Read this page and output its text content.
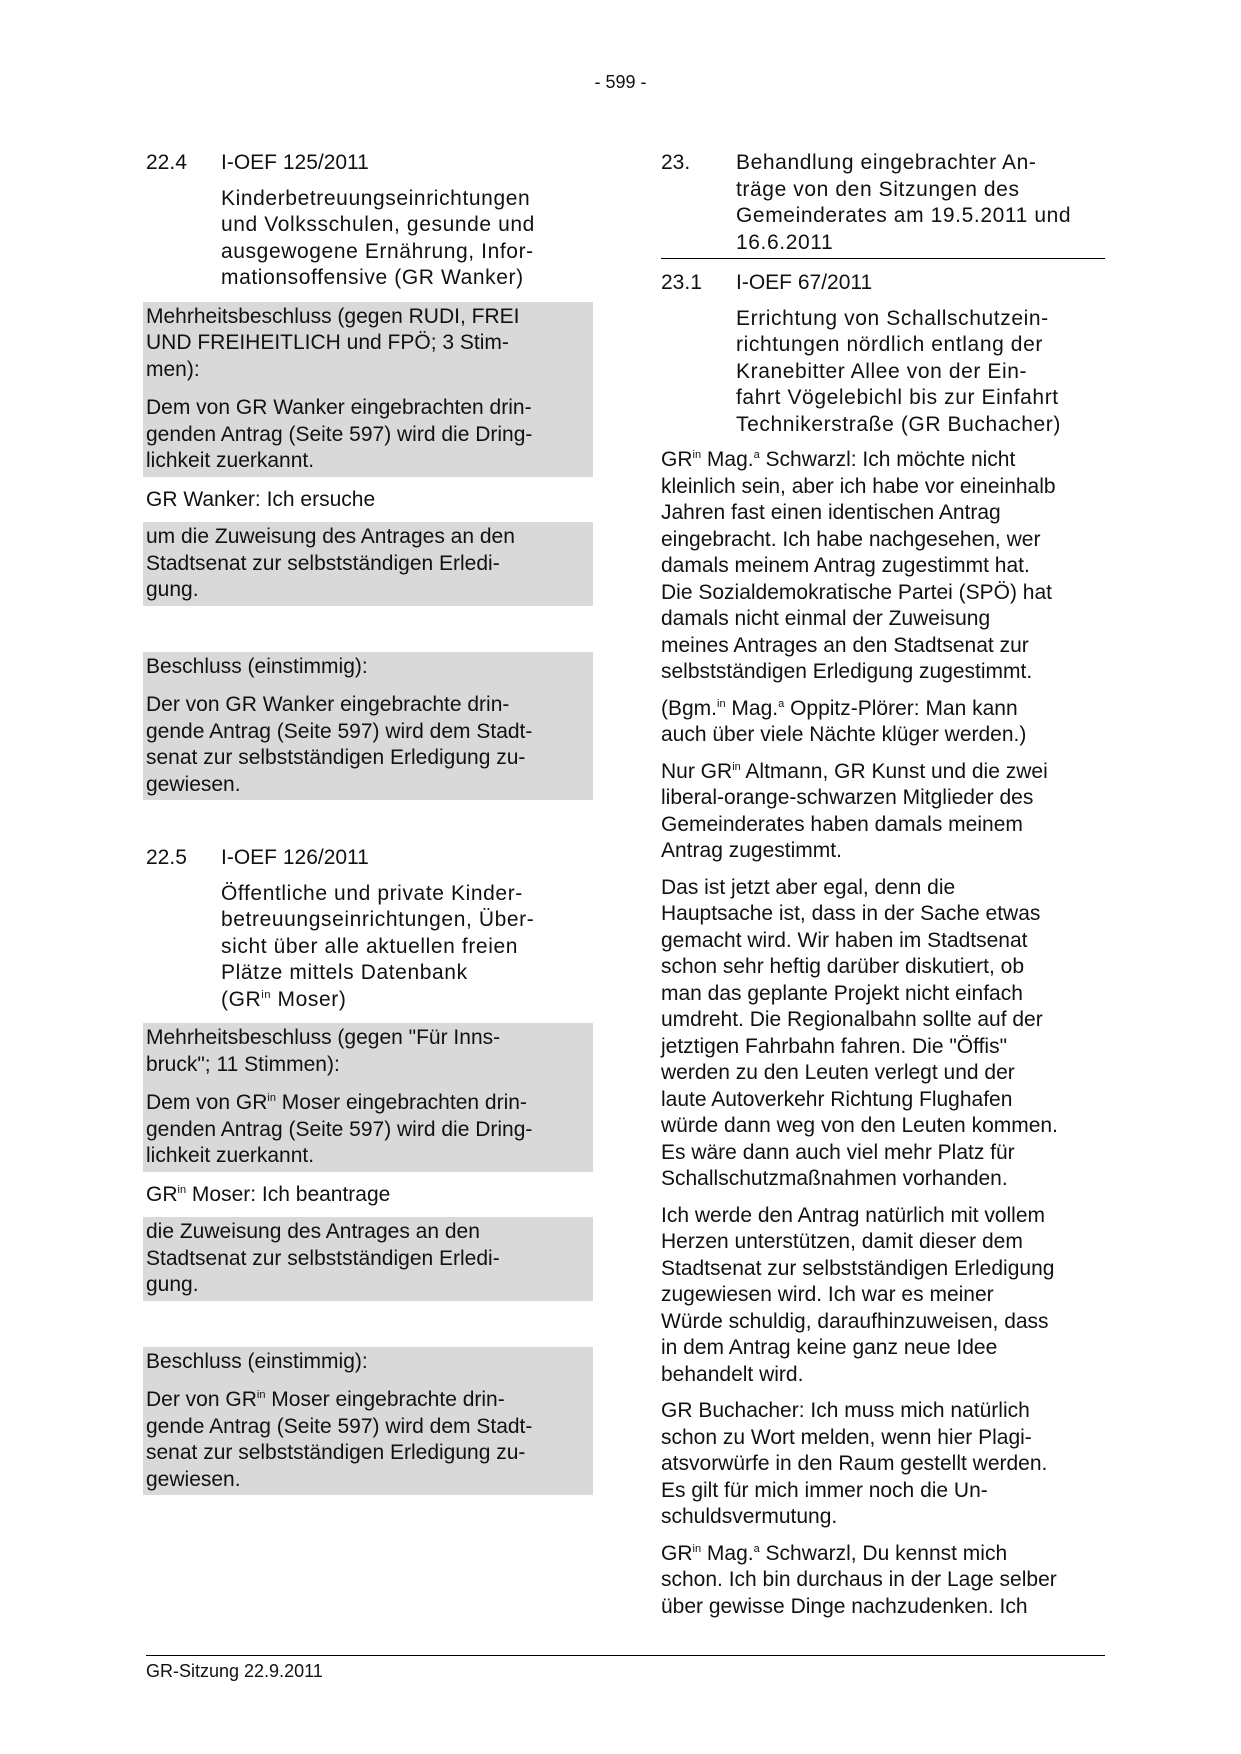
- 599 -
22.4	I-OEF 125/2011
Kinderbetreuungseinrichtungen
und Volksschulen, gesunde und
ausgewogene Ernährung, Infor-
mationsoffensive (GR Wanker)
Mehrheitsbeschluss (gegen RUDI, FREI
UND FREIHEITLICH und FPÖ; 3 Stim-
men):
Dem von GR Wanker eingebrachten drin-
genden Antrag (Seite 597) wird die Dring-
lichkeit zuerkannt.
GR Wanker: Ich ersuche
um die Zuweisung des Antrages an den
Stadtsenat zur selbstständigen Erledi-
gung.
Beschluss (einstimmig):
Der von GR Wanker eingebrachte drin-
gende Antrag (Seite 597) wird dem Stadt-
senat zur selbstständigen Erledigung zu-
gewiesen.
22.5	I-OEF 126/2011
Öffentliche und private Kinder-
betreuungseinrichtungen, Über-
sicht über alle aktuellen freien
Plätze mittels Datenbank
($GR^{in}$ Moser)
Mehrheitsbeschluss (gegen "Für Inns-
bruck"; 11 Stimmen):
Dem von $GR^{in}$ Moser eingebrachten drin-
genden Antrag (Seite 597) wird die Dring-
lichkeit zuerkannt.
$GR^{in}$ Moser: Ich beantrage
die Zuweisung des Antrages an den
Stadtsenat zur selbstständigen Erledi-
gung.
Beschluss (einstimmig):
Der von $GR^{in}$ Moser eingebrachte drin-
gende Antrag (Seite 597) wird dem Stadt-
senat zur selbstständigen Erledigung zu-
gewiesen.
23.	Behandlung eingebrachter An-
träge von den Sitzungen des
Gemeinderates am 19.5.2011 und
16.6.2011
23.1	I-OEF 67/2011
Errichtung von Schallschutzein-
richtungen nördlich entlang der
Kranebitter Allee von der Ein-
fahrt Vögelebichl bis zur Einfahrt
Technikerstraße (GR Buchacher)
$GR^{in}$ Mag.$^a$ Schwarzl: Ich möchte nicht
kleinlich sein, aber ich habe vor eineinhalb
Jahren fast einen identischen Antrag
eingebracht. Ich habe nachgesehen, wer
damals meinem Antrag zugestimmt hat.
Die Sozialdemokratische Partei (SPÖ) hat
damals nicht einmal der Zuweisung
meines Antrages an den Stadtsenat zur
selbstständigen Erledigung zugestimmt.
(Bgm.$^{in}$ Mag.$^a$ Oppitz-Plörer: Man kann
auch über viele Nächte klüger werden.)
Nur $GR^{in}$ Altmann, GR Kunst und die zwei
liberal-orange-schwarzen Mitglieder des
Gemeinderates haben damals meinem
Antrag zugestimmt.
Das ist jetzt aber egal, denn die
Hauptsache ist, dass in der Sache etwas
gemacht wird. Wir haben im Stadtsenat
schon sehr heftig darüber diskutiert, ob
man das geplante Projekt nicht einfach
umdreht. Die Regionalbahn sollte auf der
jetztigen Fahrbahn fahren. Die "Öffis"
werden zu den Leuten verlegt und der
laute Autoverkehr Richtung Flughafen
würde dann weg von den Leuten kommen.
Es wäre dann auch viel mehr Platz für
Schallschutzmaßnahmen vorhanden.
Ich werde den Antrag natürlich mit vollem
Herzen unterstützen, damit dieser dem
Stadtsenat zur selbstständigen Erledigung
zugewiesen wird. Ich war es meiner
Würde schuldig, daraufhinzuweisen, dass
in dem Antrag keine ganz neue Idee
behandelt wird.
GR Buchacher: Ich muss mich natürlich
schon zu Wort melden, wenn hier Plagi-
atsvorwürfe in den Raum gestellt werden.
Es gilt für mich immer noch die Un-
schuldsvermutung.
$GR^{in}$ Mag.$^a$ Schwarzl, Du kennst mich
schon. Ich bin durchaus in der Lage selber
über gewisse Dinge nachzudenken. Ich
GR-Sitzung 22.9.2011
